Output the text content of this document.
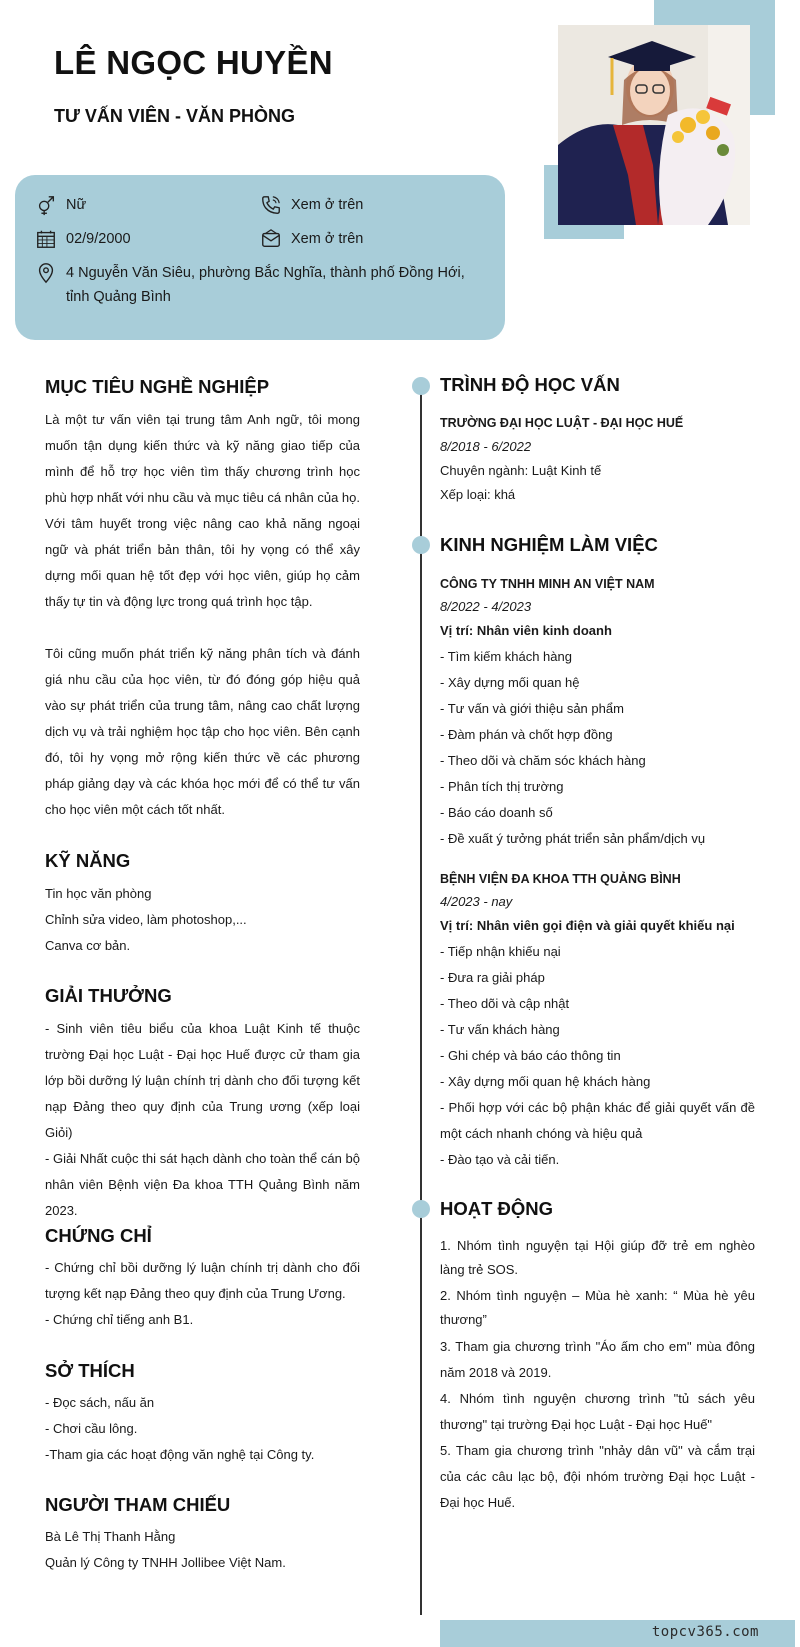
LÊ NGỌC HUYỀN
TƯ VẤN VIÊN - VĂN PHÒNG
Nữ	Xem ở trên
02/9/2000	Xem ở trên
4 Nguyễn Văn Siêu, phường Bắc Nghĩa, thành phố Đồng Hới,
tỉnh Quảng Bình
MỤC TIÊU NGHỀ NGHIỆP
Là một tư vấn viên tại trung tâm Anh ngữ, tôi mong muốn tận dụng kiến thức và kỹ năng giao tiếp của mình để hỗ trợ học viên tìm thấy chương trình học phù hợp nhất với nhu cầu và mục tiêu cá nhân của họ. Với tâm huyết trong việc nâng cao khả năng ngoại ngữ và phát triển bản thân, tôi hy vọng có thể xây dựng mối quan hệ tốt đẹp với học viên, giúp họ cảm thấy tự tin và động lực trong quá trình học tập.
Tôi cũng muốn phát triển kỹ năng phân tích và đánh giá nhu cầu của học viên, từ đó đóng góp hiệu quả vào sự phát triển của trung tâm, nâng cao chất lượng dịch vụ và trải nghiệm học tập cho học viên. Bên cạnh đó, tôi hy vọng mở rộng kiến thức về các phương pháp giảng dạy và các khóa học mới để có thể tư vấn cho học viên một cách tốt nhất.
KỸ NĂNG
Tin học văn phòng
Chỉnh sửa video, làm photoshop,...
Canva cơ bản.
GIẢI THƯỞNG
- Sinh viên tiêu biểu của khoa Luật Kinh tế thuộc trường Đại học Luật - Đại học Huế được cử tham gia lớp bồi dưỡng lý luận chính trị dành cho đối tượng kết nạp Đảng theo quy định của Trung ương (xếp loại Giỏi)
- Giải Nhất cuộc thi sát hạch dành cho toàn thể cán bộ nhân viên Bệnh viện Đa khoa TTH Quảng Bình năm 2023.
CHỨNG CHỈ
- Chứng chỉ bồi dưỡng lý luận chính trị dành cho đối tượng kết nạp Đảng theo quy định của Trung Ương.
- Chứng chỉ tiếng anh B1.
SỞ THÍCH
- Đọc sách, nấu ăn
- Chơi cầu lông.
-Tham gia các hoạt động văn nghệ tại Công ty.
NGƯỜI THAM CHIẾU
Bà Lê Thị Thanh Hằng
Quản lý Công ty TNHH Jollibee Việt Nam.
TRÌNH ĐỘ HỌC VẤN
TRƯỜNG ĐẠI HỌC LUẬT - ĐẠI HỌC HUẾ
8/2018 - 6/2022
Chuyên ngành: Luật Kinh tế
Xếp loại: khá
KINH NGHIỆM LÀM VIỆC
CÔNG TY TNHH MINH AN VIỆT NAM
8/2022 - 4/2023
Vị trí: Nhân viên kinh doanh
- Tìm kiếm khách hàng
- Xây dựng mối quan hệ
- Tư vấn và giới thiệu sản phẩm
- Đàm phán và chốt hợp đồng
- Theo dõi và chăm sóc khách hàng
- Phân tích thị trường
- Báo cáo doanh số
- Đề xuất ý tưởng phát triển sản phẩm/dịch vụ
BỆNH VIỆN ĐA KHOA TTH QUẢNG BÌNH
4/2023 - nay
Vị trí: Nhân viên gọi điện và giải quyết khiếu nại
- Tiếp nhận khiếu nại
- Đưa ra giải pháp
- Theo dõi và cập nhật
- Tư vấn khách hàng
- Ghi chép và báo cáo thông tin
- Xây dựng mối quan hệ khách hàng
- Phối hợp với các bộ phận khác để giải quyết vấn đề một cách nhanh chóng và hiệu quả
- Đào tạo và cải tiến.
HOẠT ĐỘNG
1. Nhóm tình nguyện tại Hội giúp đỡ trẻ em nghèo làng trẻ SOS.
2. Nhóm tình nguyện – Mùa hè xanh: “ Mùa hè yêu thương”
3. Tham gia chương trình "Áo ấm cho em" mùa đông năm 2018 và 2019.
4. Nhóm tình nguyện chương trình "tủ sách yêu thương" tại trường Đại học Luật - Đại học Huế"
5. Tham gia chương trình "nhảy dân vũ" và cắm trại của các câu lạc bộ, đội nhóm trường Đại học Luật - Đại học Huế.
topcv365.com
